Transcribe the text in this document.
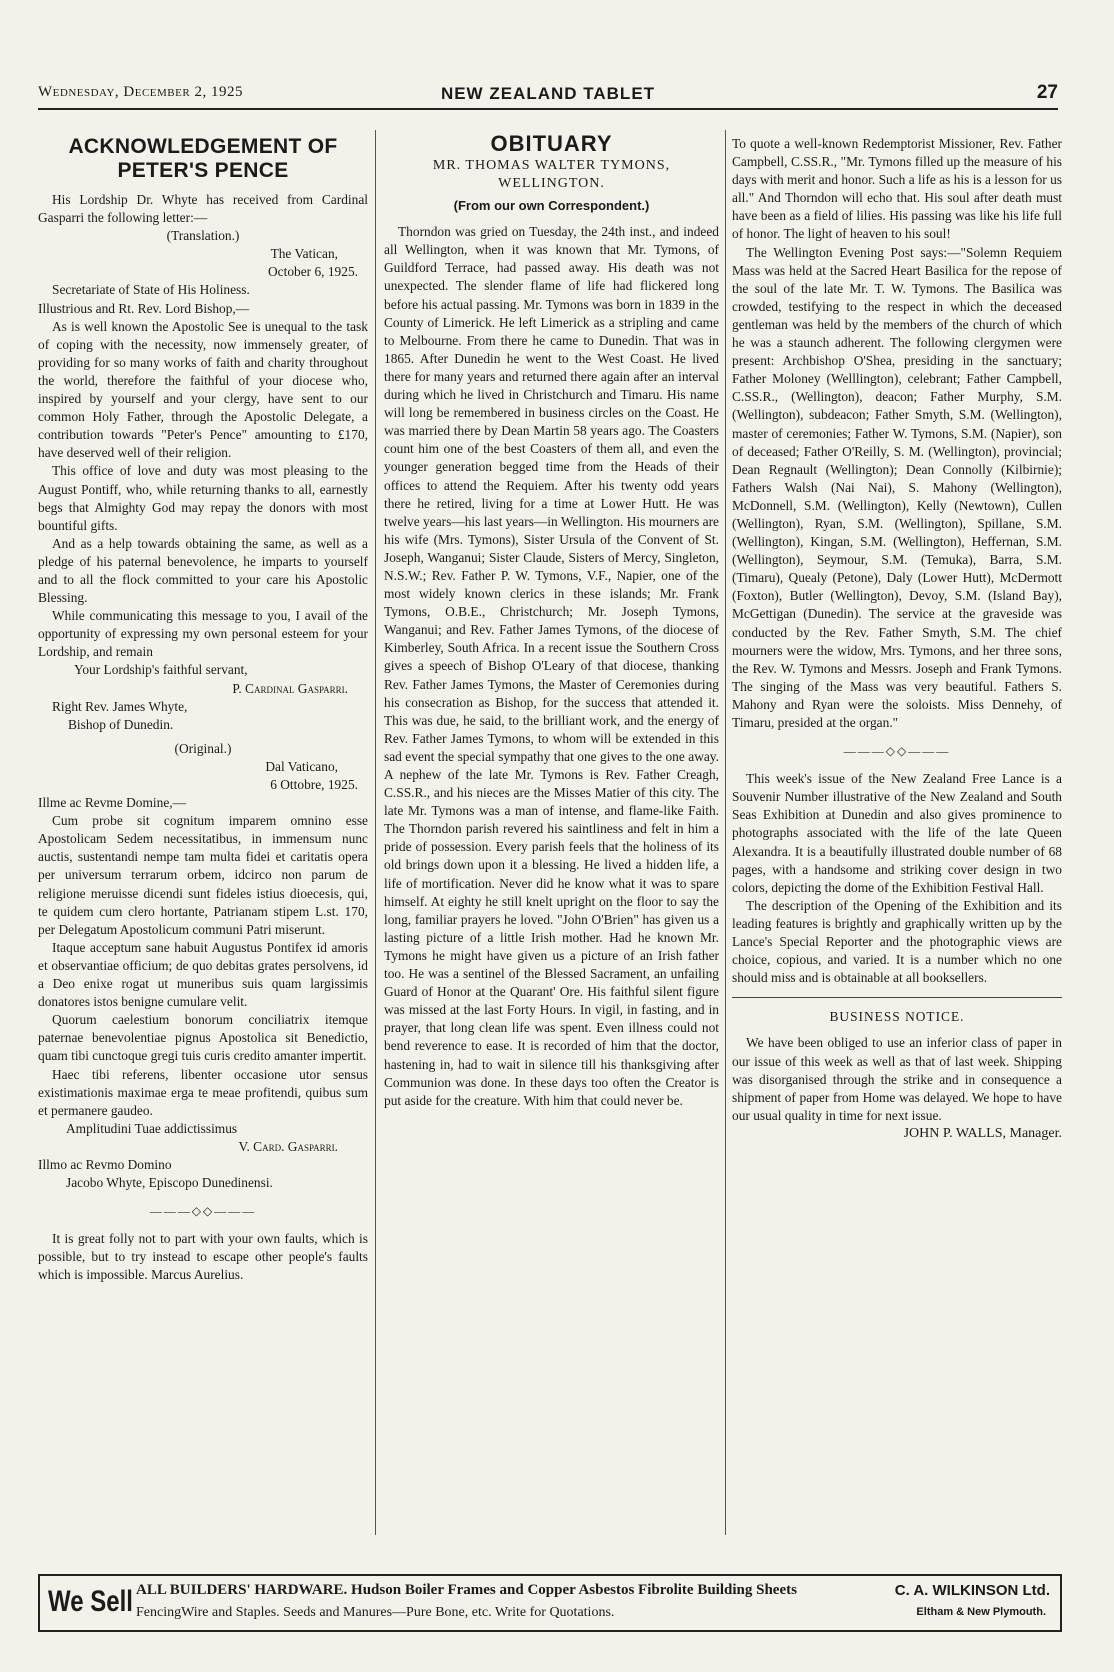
Wednesday, December 2, 1925	NEW ZEALAND TABLET	27
ACKNOWLEDGEMENT OF PETER'S PENCE

His Lordship Dr. Whyte has received from Cardinal Gasparri the following letter:—

(Translation.)

The Vatican,

October 6, 1925.

Secretariate of State of His Holiness.

Illustrious and Rt. Rev. Lord Bishop,—

As is well known the Apostolic See is unequal to the task of coping with the necessity, now immensely greater, of providing for so many works of faith and charity throughout the world, therefore the faithful of your diocese who, inspired by yourself and your clergy, have sent to our common Holy Father, through the Apostolic Delegate, a contribution towards "Peter's Pence" amounting to £170, have deserved well of their religion.

This office of love and duty was most pleasing to the August Pontiff, who, while returning thanks to all, earnestly begs that Almighty God may repay the donors with most bountiful gifts.

And as a help towards obtaining the same, as well as a pledge of his paternal benevolence, he imparts to yourself and to all the flock committed to your care his Apostolic Blessing.

While communicating this message to you, I avail of the opportunity of expressing my own personal esteem for your Lordship, and remain

Your Lordship's faithful servant,

P. Cardinal Gasparri.

Right Rev. James Whyte,

Bishop of Dunedin.

(Original.)

Dal Vaticano,

6 Ottobre, 1925.

Illme ac Revme Domine,—

Cum probe sit cognitum imparem omnino esse Apostolicam Sedem necessitatibus, in immensum nunc auctis, sustentandi nempe tam multa fidei et caritatis opera per universum terrarum orbem, idcirco non parum de religione meruisse dicendi sunt fideles istius dioecesis, qui, te quidem cum clero hortante, Patrianam stipem L.st. 170, per Delegatum Apostolicum communi Patri miserunt.

Itaque acceptum sane habuit Augustus Pontifex id amoris et observantiae officium; de quo debitas grates persolvens, id a Deo enixe rogat ut muneribus suis quam largissimis donatores istos benigne cumulare velit.

Quorum caelestium bonorum conciliatrix itemque paternae benevolentiae pignus Apostolica sit Benedictio, quam tibi cunctoque gregi tuis curis credito amanter impertit.

Haec tibi referens, libenter occasione utor sensus existimationis maximae erga te meae profitendi, quibus sum et permanere gaudeo.

Amplitudini Tuae addictissimus

V. Card. Gasparri.

Illmo ac Revmo Domino

Jacobo Whyte, Episcopo Dunedinensi.

———◇◇———

It is great folly not to part with your own faults, which is possible, but to try instead to escape other people's faults which is impossible. Marcus Aurelius.

OBITUARY
MR. THOMAS WALTER TYMONS,
WELLINGTON.
(From our own Correspondent.)

Thorndon was gried on Tuesday, the 24th inst., and indeed all Wellington, when it was known that Mr. Tymons, of Guildford Terrace, had passed away. His death was not unexpected. The slender flame of life had flickered long before his actual passing. Mr. Tymons was born in 1839 in the County of Limerick. He left Limerick as a stripling and came to Melbourne. From there he came to Dunedin. That was in 1865. After Dunedin he went to the West Coast. He lived there for many years and returned there again after an interval during which he lived in Christchurch and Timaru. His name will long be remembered in business circles on the Coast. He was married there by Dean Martin 58 years ago. The Coasters count him one of the best Coasters of them all, and even the younger generation begged time from the Heads of their offices to attend the Requiem. After his twenty odd years there he retired, living for a time at Lower Hutt. He was twelve years—his last years—in Wellington. His mourners are his wife (Mrs. Tymons), Sister Ursula of the Convent of St. Joseph, Wanganui; Sister Claude, Sisters of Mercy, Singleton, N.S.W.; Rev. Father P. W. Tymons, V.F., Napier, one of the most widely known clerics in these islands; Mr. Frank Tymons, O.B.E., Christchurch; Mr. Joseph Tymons, Wanganui; and Rev. Father James Tymons, of the diocese of Kimberley, South Africa. In a recent issue the Southern Cross gives a speech of Bishop O'Leary of that diocese, thanking Rev. Father James Tymons, the Master of Ceremonies during his consecration as Bishop, for the success that attended it. This was due, he said, to the brilliant work, and the energy of Rev. Father James Tymons, to whom will be extended in this sad event the special sympathy that one gives to the one away. A nephew of the late Mr. Tymons is Rev. Father Creagh, C.SS.R., and his nieces are the Misses Matier of this city. The late Mr. Tymons was a man of intense, and flame-like Faith. The Thorndon parish revered his saintliness and felt in him a pride of possession. Every parish feels that the holiness of its old brings down upon it a blessing. He lived a hidden life, a life of mortification. Never did he know what it was to spare himself. At eighty he still knelt upright on the floor to say the long, familiar prayers he loved. "John O'Brien" has given us a lasting picture of a little Irish mother. Had he known Mr. Tymons he might have given us a picture of an Irish father too. He was a sentinel of the Blessed Sacrament, an unfailing Guard of Honor at the Quarant' Ore. His faithful silent figure was missed at the last Forty Hours. In vigil, in fasting, and in prayer, that long clean life was spent. Even illness could not bend reverence to ease. It is recorded of him that the doctor, hastening in, had to wait in silence till his thanksgiving after Communion was done. In these days too often the Creator is put aside for the creature. With him that could never be.

To quote a well-known Redemptorist Missioner, Rev. Father Campbell, C.SS.R., "Mr. Tymons filled up the measure of his days with merit and honor. Such a life as his is a lesson for us all." And Thorndon will echo that. His soul after death must have been as a field of lilies. His passing was like his life full of honor. The light of heaven to his soul!

The Wellington Evening Post says:—"Solemn Requiem Mass was held at the Sacred Heart Basilica for the repose of the soul of the late Mr. T. W. Tymons. The Basilica was crowded, testifying to the respect in which the deceased gentleman was held by the members of the church of which he was a staunch adherent. The following clergymen were present: Archbishop O'Shea, presiding in the sanctuary; Father Moloney (Welllington), celebrant; Father Campbell, C.SS.R., (Wellington), deacon; Father Murphy, S.M. (Wellington), subdeacon; Father Smyth, S.M. (Wellington), master of ceremonies; Father W. Tymons, S.M. (Napier), son of deceased; Father O'Reilly, S. M. (Wellington), provincial; Dean Regnault (Wellington); Dean Connolly (Kilbirnie); Fathers Walsh (Nai Nai), S. Mahony (Wellington), McDonnell, S.M. (Wellington), Kelly (Newtown), Cullen (Wellington), Ryan, S.M. (Wellington), Spillane, S.M. (Wellington), Kingan, S.M. (Wellington), Heffernan, S.M. (Wellington), Seymour, S.M. (Temuka), Barra, S.M. (Timaru), Quealy (Petone), Daly (Lower Hutt), McDermott (Foxton), Butler (Wellington), Devoy, S.M. (Island Bay), McGettigan (Dunedin). The service at the graveside was conducted by the Rev. Father Smyth, S.M. The chief mourners were the widow, Mrs. Tymons, and her three sons, the Rev. W. Tymons and Messrs. Joseph and Frank Tymons. The singing of the Mass was very beautiful. Fathers S. Mahony and Ryan were the soloists. Miss Dennehy, of Timaru, presided at the organ."

———◇◇———

This week's issue of the New Zealand Free Lance is a Souvenir Number illustrative of the New Zealand and South Seas Exhibition at Dunedin and also gives prominence to photographs associated with the life of the late Queen Alexandra. It is a beautifully illustrated double number of 68 pages, with a handsome and striking cover design in two colors, depicting the dome of the Exhibition Festival Hall.

The description of the Opening of the Exhibition and its leading features is brightly and graphically written up by the Lance's Special Reporter and the photographic views are choice, copious, and varied. It is a number which no one should miss and is obtainable at all booksellers.

BUSINESS NOTICE.

We have been obliged to use an inferior class of paper in our issue of this week as well as that of last week. Shipping was disorganised through the strike and in consequence a shipment of paper from Home was delayed. We hope to have our usual quality in time for next issue.

JOHN P. WALLS, Manager.

We Sell ALL BUILDERS' HARDWARE. Hudson Boiler Frames and Copper Asbestos Fibrolite Building Sheets
FencingWire and Staples. Seeds and Manures—Pure Bone, etc. Write for Quotations.
C. A. WILKINSON Ltd.
Eltham & New Plymouth.
